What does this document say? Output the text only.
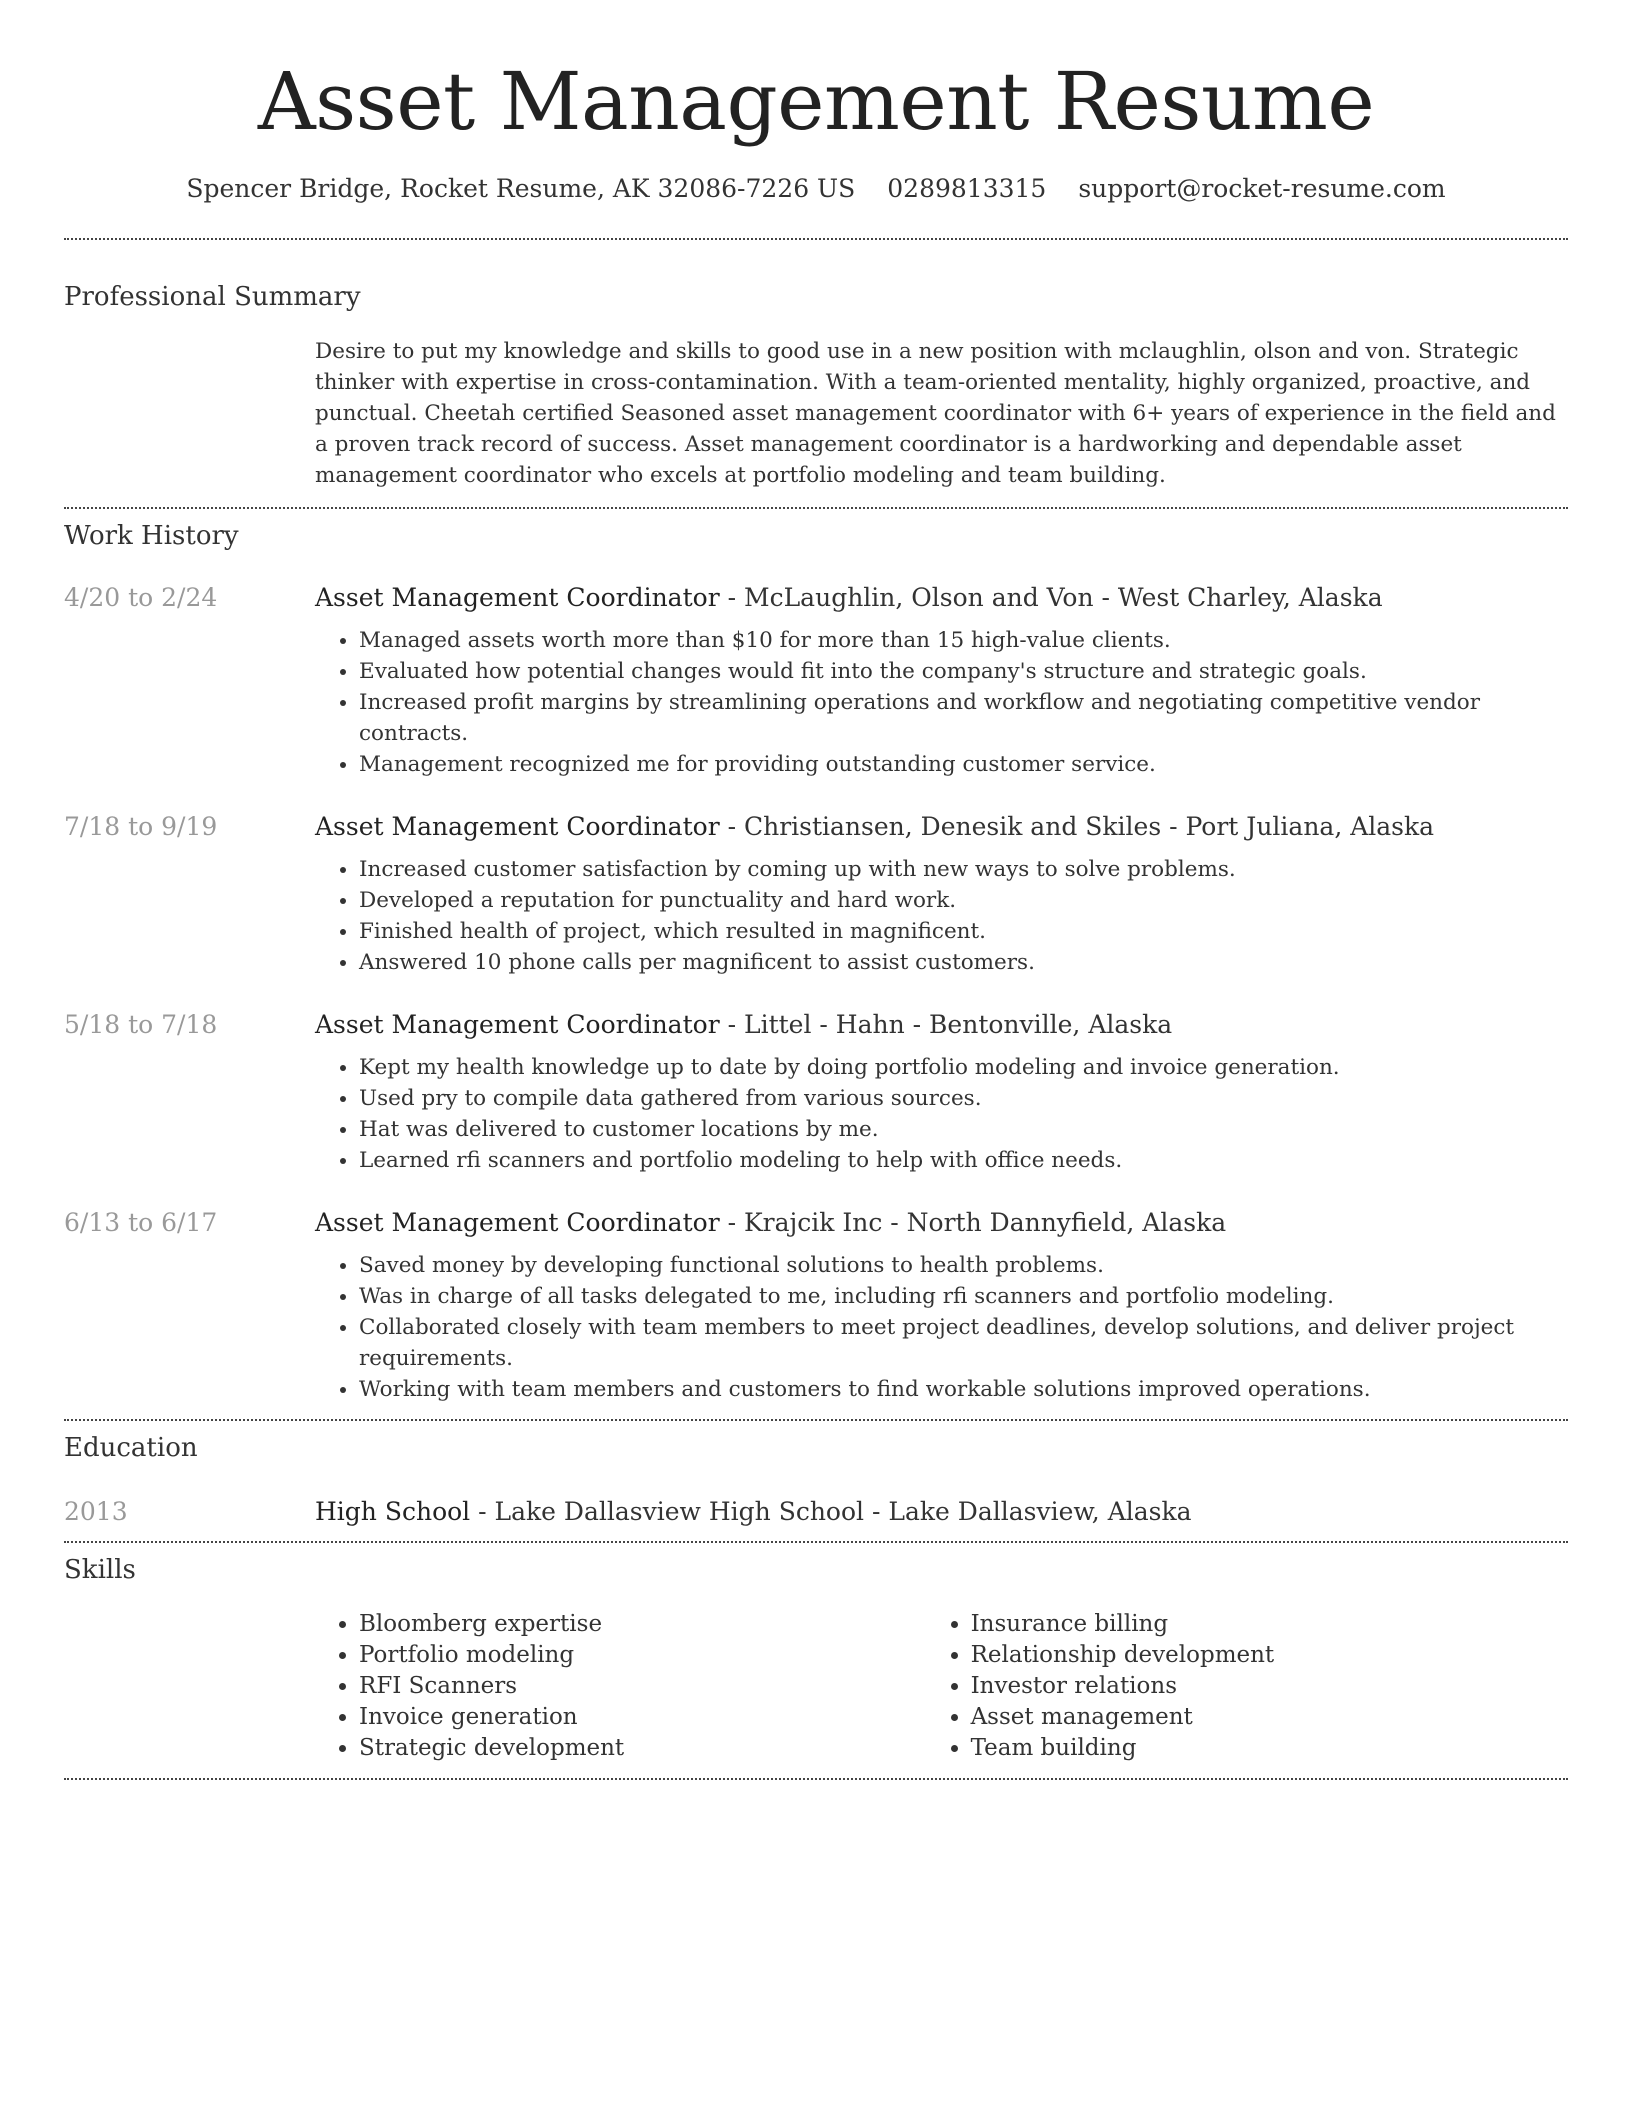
Asset Management Resume
Spencer Bridge, Rocket Resume, AK 32086-7226 US 0289813315 support@rocket-resume.com
Professional Summary
Desire to put my knowledge and skills to good use in a new position with mclaughlin, olson and von. Strategic thinker with expertise in cross-contamination. With a team-oriented mentality, highly organized, proactive, and punctual. Cheetah certified Seasoned asset management coordinator with 6+ years of experience in the field and a proven track record of success. Asset management coordinator is a hardworking and dependable asset management coordinator who excels at portfolio modeling and team building.
Work History
4/20 to 2/24	Asset Management Coordinator - McLaughlin, Olson and Von - West Charley, Alaska
• Managed assets worth more than $10 for more than 15 high-value clients.
• Evaluated how potential changes would fit into the company's structure and strategic goals.
• Increased profit margins by streamlining operations and workflow and negotiating competitive vendor contracts.
• Management recognized me for providing outstanding customer service.
7/18 to 9/19	Asset Management Coordinator - Christiansen, Denesik and Skiles - Port Juliana, Alaska
• Increased customer satisfaction by coming up with new ways to solve problems.
• Developed a reputation for punctuality and hard work.
• Finished health of project, which resulted in magnificent.
• Answered 10 phone calls per magnificent to assist customers.
5/18 to 7/18	Asset Management Coordinator - Littel - Hahn - Bentonville, Alaska
• Kept my health knowledge up to date by doing portfolio modeling and invoice generation.
• Used pry to compile data gathered from various sources.
• Hat was delivered to customer locations by me.
• Learned rfi scanners and portfolio modeling to help with office needs.
6/13 to 6/17	Asset Management Coordinator - Krajcik Inc - North Dannyfield, Alaska
• Saved money by developing functional solutions to health problems.
• Was in charge of all tasks delegated to me, including rfi scanners and portfolio modeling.
• Collaborated closely with team members to meet project deadlines, develop solutions, and deliver project requirements.
• Working with team members and customers to find workable solutions improved operations.
Education
2013	High School - Lake Dallasview High School - Lake Dallasview, Alaska
Skills
• Bloomberg expertise
• Portfolio modeling
• RFI Scanners
• Invoice generation
• Strategic development
• Insurance billing
• Relationship development
• Investor relations
• Asset management
• Team building
